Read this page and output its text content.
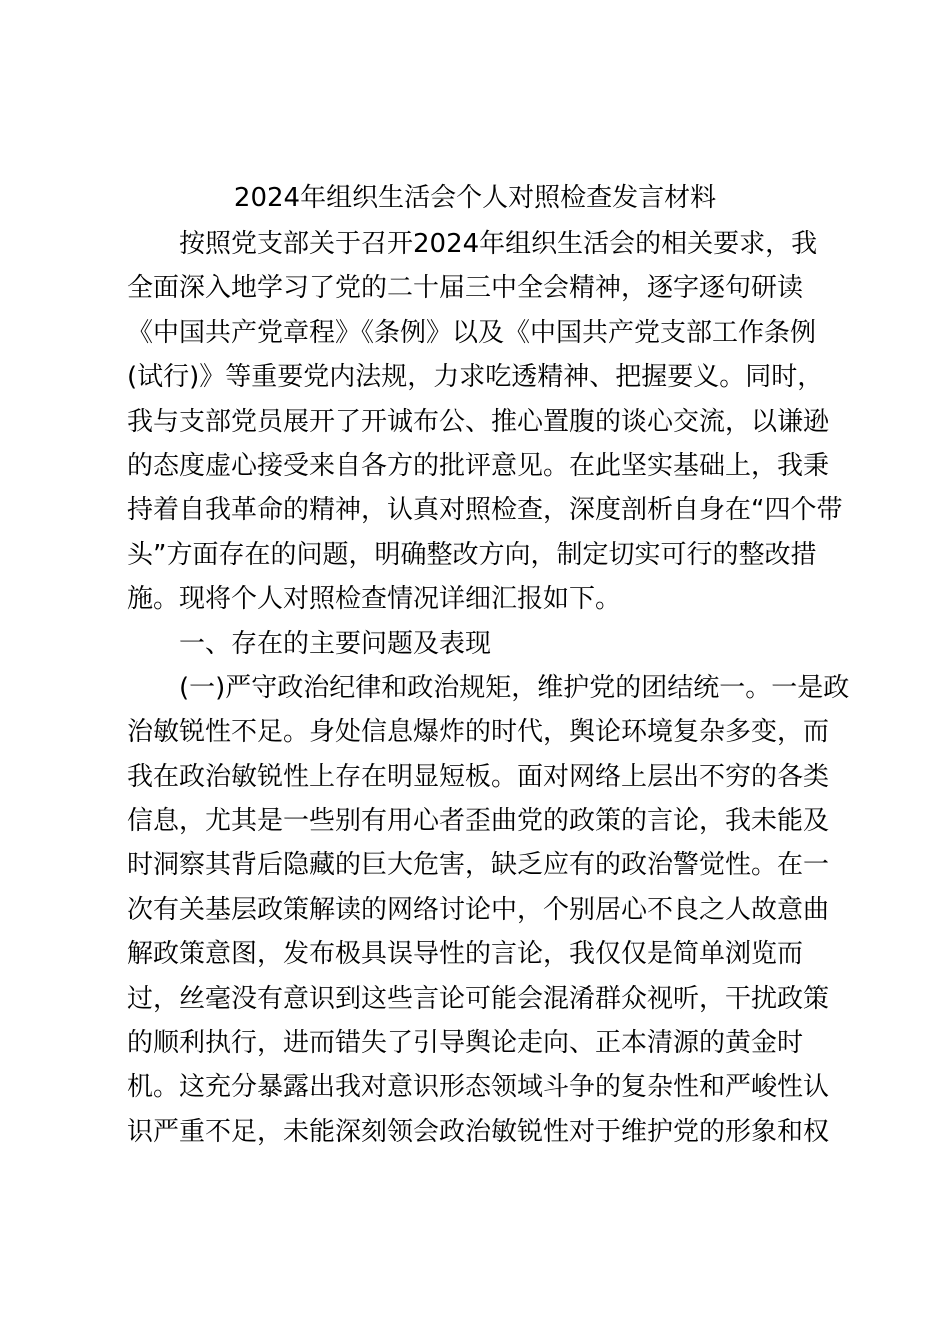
2024年组织生活会个人对照检查发言材料
按照党支部关于召开2024年组织生活会的相关要求，我
全面深入地学习了党的二十届三中全会精神，逐字逐句研读
《中国共产党章程》《条例》以及《中国共产党支部工作条例
(试行)》等重要党内法规，力求吃透精神、把握要义。同时，
我与支部党员展开了开诚布公、推心置腹的谈心交流，以谦逊
的态度虚心接受来自各方的批评意见。在此坚实基础上，我秉
持着自我革命的精神，认真对照检查，深度剖析自身在“四个带
头”方面存在的问题，明确整改方向，制定切实可行的整改措
施。现将个人对照检查情况详细汇报如下。
一、存在的主要问题及表现
(一)严守政治纪律和政治规矩，维护党的团结统一。一是政
治敏锐性不足。身处信息爆炸的时代，舆论环境复杂多变，而
我在政治敏锐性上存在明显短板。面对网络上层出不穷的各类
信息，尤其是一些别有用心者歪曲党的政策的言论，我未能及
时洞察其背后隐藏的巨大危害，缺乏应有的政治警觉性。在一
次有关基层政策解读的网络讨论中，个别居心不良之人故意曲
解政策意图，发布极具误导性的言论，我仅仅是简单浏览而
过，丝毫没有意识到这些言论可能会混淆群众视听，干扰政策
的顺利执行，进而错失了引导舆论走向、正本清源的黄金时
机。这充分暴露出我对意识形态领域斗争的复杂性和严峻性认
识严重不足，未能深刻领会政治敏锐性对于维护党的形象和权
